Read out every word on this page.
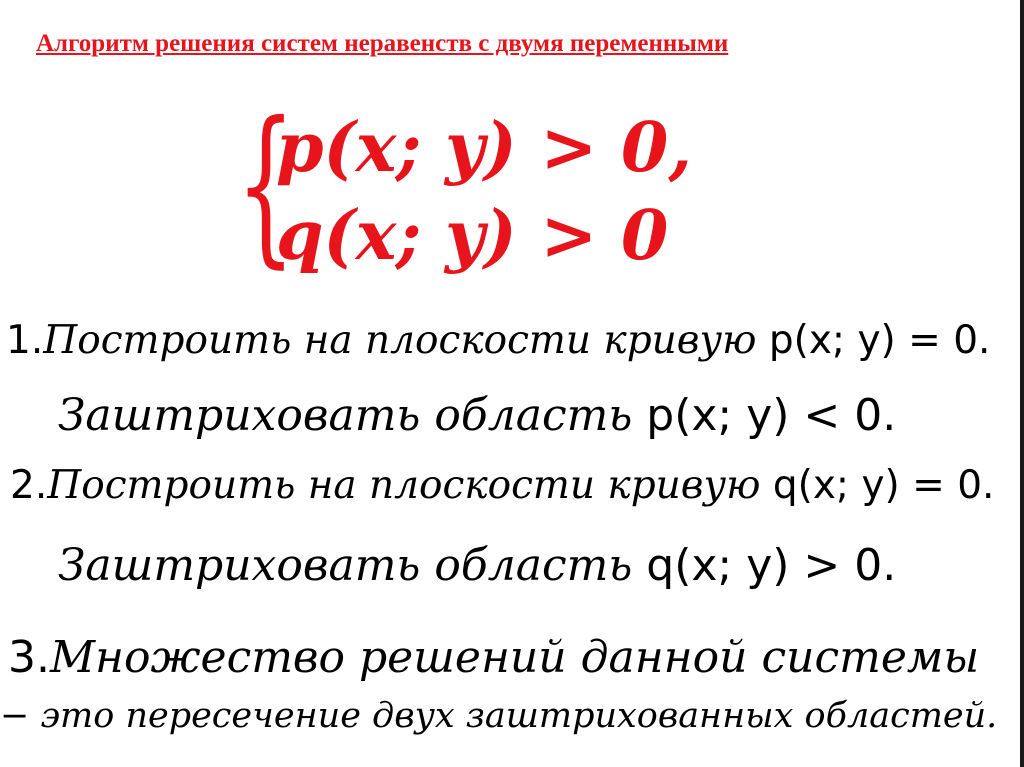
Алгоритм решения систем неравенств с двумя переменными
{
p(x; y) > 0,
q(x; y) > 0
1.Построить на плоскости кривую p(x; y) = 0.
Заштриховать область p(x; y) < 0.
2.Построить на плоскости кривую q(x; y) = 0.
Заштриховать область q(x; y) > 0.
3.Множество решений данной системы
− это пересечение двух заштрихованных областей.
